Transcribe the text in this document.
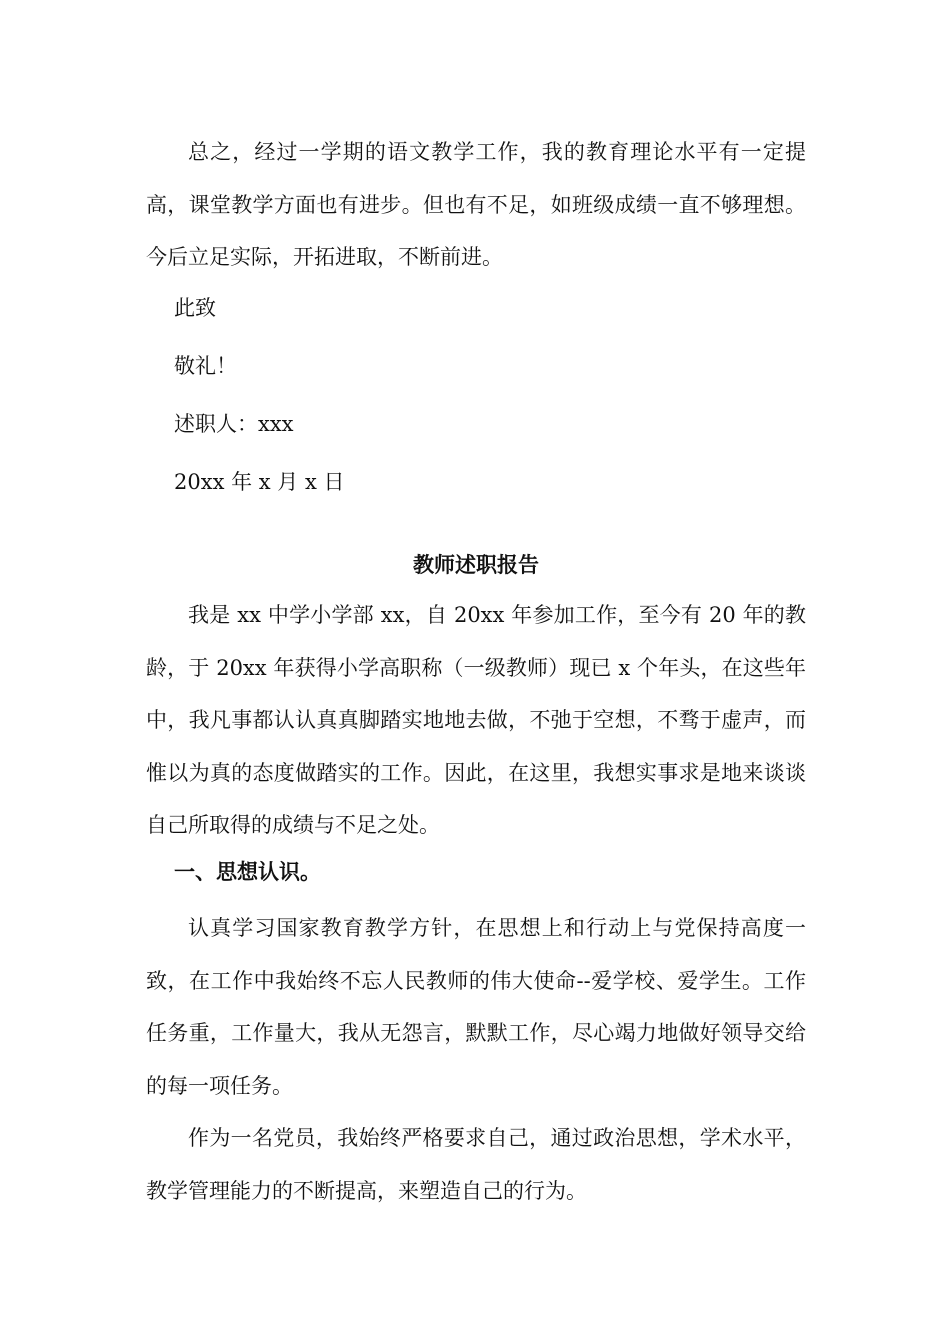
总之，经过一学期的语文教学工作，我的教育理论水平有一定提高，课堂教学方面也有进步。但也有不足，如班级成绩一直不够理想。今后立足实际，开拓进取，不断前进。

此致
敬礼！
述职人：xxx
20xx 年 x 月 x 日
教师述职报告

我是 xx 中学小学部 xx，自 20xx 年参加工作，至今有 20 年的教龄，于 20xx 年获得小学高职称（一级教师）现已 x 个年头，在这些年中，我凡事都认认真真脚踏实地地去做，不弛于空想，不骛于虚声，而惟以为真的态度做踏实的工作。因此，在这里，我想实事求是地来谈谈自己所取得的成绩与不足之处。

一、思想认识。

认真学习国家教育教学方针，在思想上和行动上与党保持高度一致，在工作中我始终不忘人民教师的伟大使命--爱学校、爱学生。工作任务重，工作量大，我从无怨言，默默工作，尽心竭力地做好领导交给的每一项任务。

作为一名党员，我始终严格要求自己，通过政治思想，学术水平，教学管理能力的不断提高，来塑造自己的行为。
